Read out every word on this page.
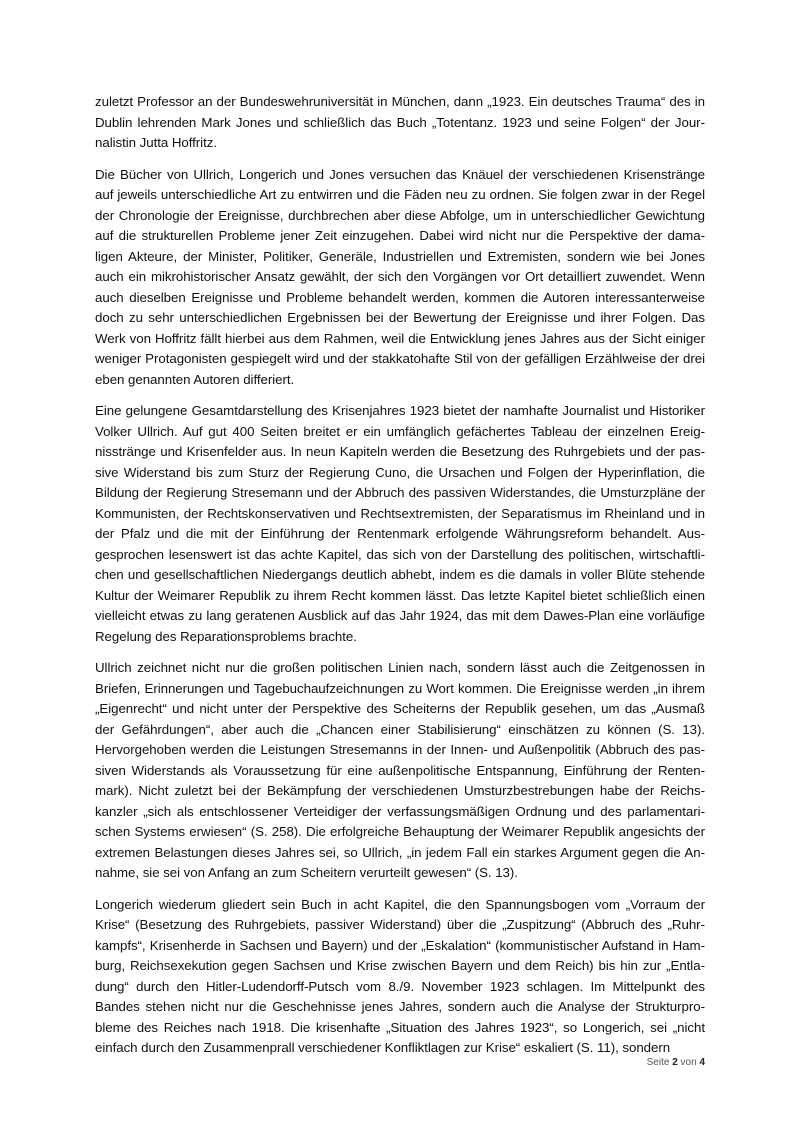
zuletzt Professor an der Bundeswehruniversität in München, dann „1923. Ein deutsches Trauma“ des in Dublin lehrenden Mark Jones und schließlich das Buch „Totentanz. 1923 und seine Folgen“ der Journalistin Jutta Hoffritz.

Die Bücher von Ullrich, Longerich und Jones versuchen das Knäuel der verschiedenen Krisenstränge auf jeweils unterschiedliche Art zu entwirren und die Fäden neu zu ordnen. Sie folgen zwar in der Regel der Chronologie der Ereignisse, durchbrechen aber diese Abfolge, um in unterschiedlicher Gewichtung auf die strukturellen Probleme jener Zeit einzugehen. Dabei wird nicht nur die Perspektive der damaligen Akteure, der Minister, Politiker, Generäle, Industriellen und Extremisten, sondern wie bei Jones auch ein mikrohistorischer Ansatz gewählt, der sich den Vorgängen vor Ort detailliert zuwendet. Wenn auch dieselben Ereignisse und Probleme behandelt werden, kommen die Autoren interessanterweise doch zu sehr unterschiedlichen Ergebnissen bei der Bewertung der Ereignisse und ihrer Folgen. Das Werk von Hoffritz fällt hierbei aus dem Rahmen, weil die Entwicklung jenes Jahres aus der Sicht einiger weniger Protagonisten gespiegelt wird und der stakkatohafte Stil von der gefälligen Erzählweise der drei eben genannten Autoren differiert.

Eine gelungene Gesamtdarstellung des Krisenjahres 1923 bietet der namhafte Journalist und Historiker Volker Ullrich. Auf gut 400 Seiten breitet er ein umfänglich gefächertes Tableau der einzelnen Ereignisstränge und Krisenfelder aus. In neun Kapiteln werden die Besetzung des Ruhrgebiets und der passive Widerstand bis zum Sturz der Regierung Cuno, die Ursachen und Folgen der Hyperinflation, die Bildung der Regierung Stresemann und der Abbruch des passiven Widerstandes, die Umsturzpläne der Kommunisten, der Rechtskonservativen und Rechtsextremisten, der Separatismus im Rheinland und in der Pfalz und die mit der Einführung der Rentenmark erfolgende Währungsreform behandelt. Ausgesprochen lesenswert ist das achte Kapitel, das sich von der Darstellung des politischen, wirtschaftlichen und gesellschaftlichen Niedergangs deutlich abhebt, indem es die damals in voller Blüte stehende Kultur der Weimarer Republik zu ihrem Recht kommen lässt. Das letzte Kapitel bietet schließlich einen vielleicht etwas zu lang geratenen Ausblick auf das Jahr 1924, das mit dem Dawes-Plan eine vorläufige Regelung des Reparationsproblems brachte.

Ullrich zeichnet nicht nur die großen politischen Linien nach, sondern lässt auch die Zeitgenossen in Briefen, Erinnerungen und Tagebuchaufzeichnungen zu Wort kommen. Die Ereignisse werden „in ihrem „Eigenrecht“ und nicht unter der Perspektive des Scheiterns der Republik gesehen, um das „Ausmaß der Gefährdungen“, aber auch die „Chancen einer Stabilisierung“ einschätzen zu können (S. 13). Hervorgehoben werden die Leistungen Stresemanns in der Innen- und Außenpolitik (Abbruch des passiven Widerstands als Voraussetzung für eine außenpolitische Entspannung, Einführung der Rentenmark). Nicht zuletzt bei der Bekämpfung der verschiedenen Umsturzbestrebungen habe der Reichskanzler „sich als entschlossener Verteidiger der verfassungsmäßigen Ordnung und des parlamentarischen Systems erwiesen“ (S. 258). Die erfolgreiche Behauptung der Weimarer Republik angesichts der extremen Belastungen dieses Jahres sei, so Ullrich, „in jedem Fall ein starkes Argument gegen die Annahme, sie sei von Anfang an zum Scheitern verurteilt gewesen“ (S. 13).

Longerich wiederum gliedert sein Buch in acht Kapitel, die den Spannungsbogen vom „Vorraum der Krise“ (Besetzung des Ruhrgebiets, passiver Widerstand) über die „Zuspitzung“ (Abbruch des „Ruhrkampfs“, Krisenherde in Sachsen und Bayern) und der „Eskalation“ (kommunistischer Aufstand in Hamburg, Reichsexekution gegen Sachsen und Krise zwischen Bayern und dem Reich) bis hin zur „Entladung“ durch den Hitler-Ludendorff-Putsch vom 8./9. November 1923 schlagen. Im Mittelpunkt des Bandes stehen nicht nur die Geschehnisse jenes Jahres, sondern auch die Analyse der Strukturprobleme des Reiches nach 1918. Die krisenhafte „Situation des Jahres 1923“, so Longerich, sei „nicht einfach durch den Zusammenprall verschiedener Konfliktlagen zur Krise“ eskaliert (S. 11), sondern

Seite 2 von 4
